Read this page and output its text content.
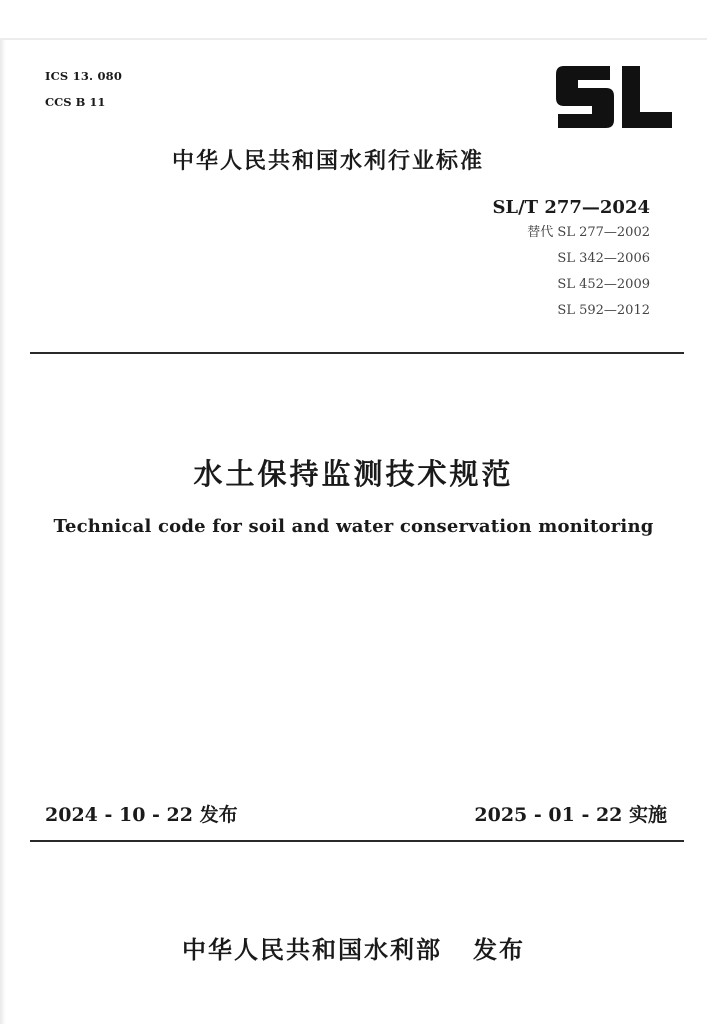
ICS 13. 080
CCS B 11
中华人民共和国水利行业标准
SL/T 277—2024
替代 SL 277—2002
SL 342—2006
SL 452—2009
SL 592—2012
水土保持监测技术规范
Technical code for soil and water conservation monitoring
2024 - 10 - 22 发布	2025 - 01 - 22 实施
中华人民共和国水利部   发布
